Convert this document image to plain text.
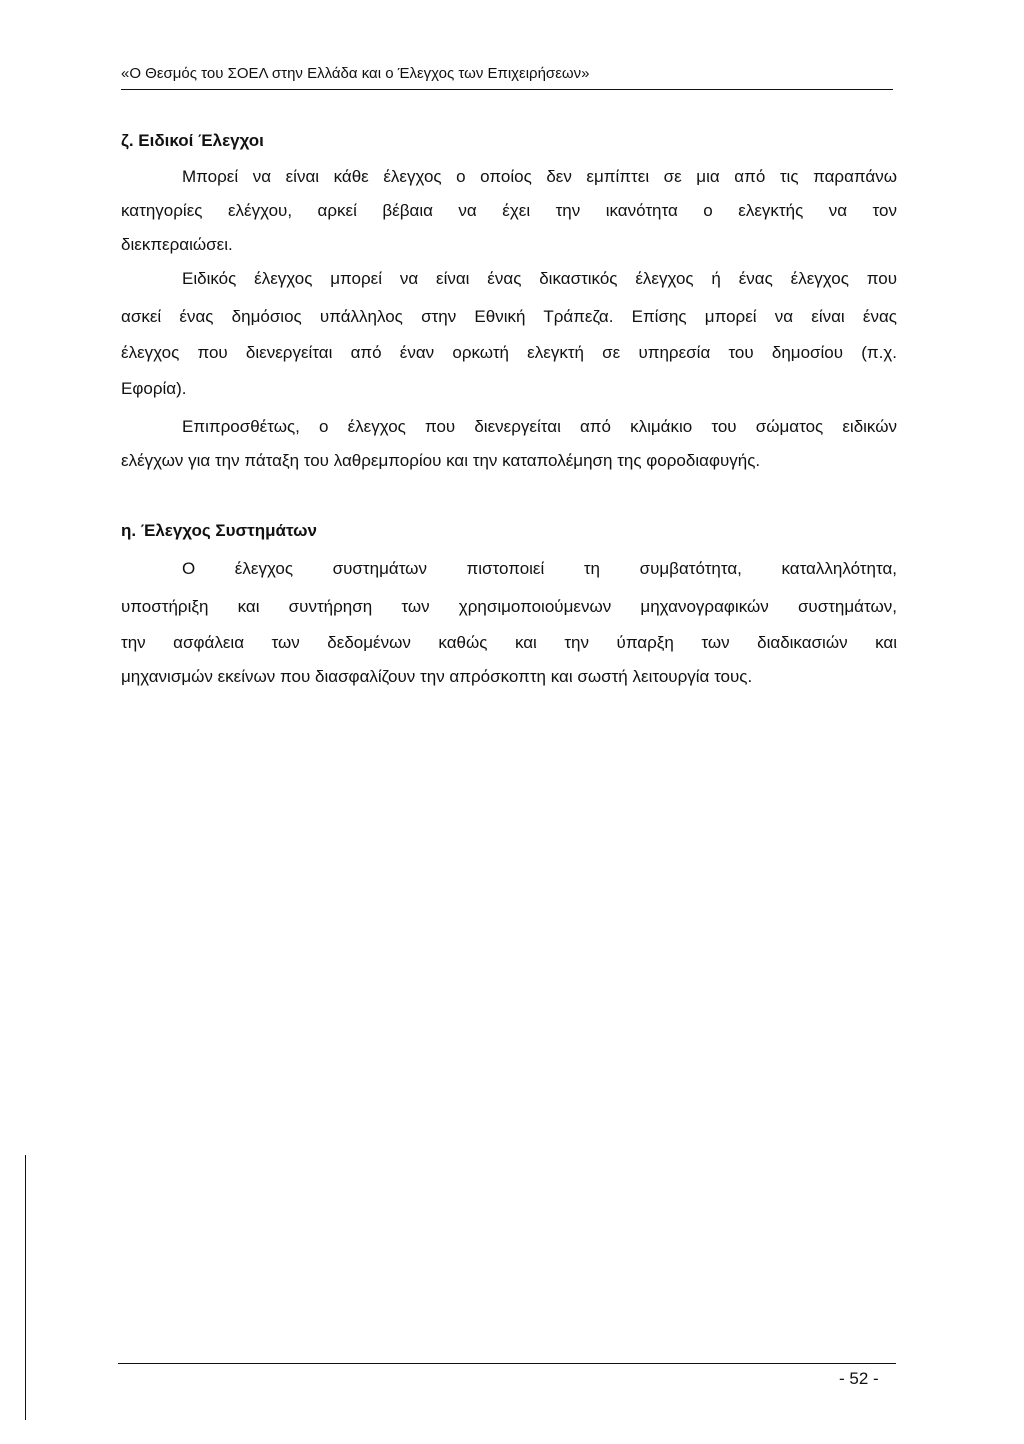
«Ο Θεσμός του ΣΟΕΛ στην Ελλάδα και ο Έλεγχος των Επιχειρήσεων»
ζ. Ειδικοί Έλεγχοι
Μπορεί να είναι κάθε έλεγχος ο οποίος δεν εμπίπτει σε μια από τις παραπάνω
κατηγορίες ελέγχου, αρκεί βέβαια να έχει την ικανότητα ο ελεγκτής να τον
διεκπεραιώσει.
Ειδικός έλεγχος μπορεί να είναι ένας δικαστικός έλεγχος ή ένας έλεγχος που
ασκεί ένας δημόσιος υπάλληλος στην Εθνική Τράπεζα. Επίσης μπορεί να είναι ένας
έλεγχος που διενεργείται από έναν ορκωτή ελεγκτή σε υπηρεσία του δημοσίου (π.χ.
Εφορία).
Επιπροσθέτως, ο έλεγχος που διενεργείται από κλιμάκιο του σώματος ειδικών
ελέγχων για την πάταξη του λαθρεμπορίου και την καταπολέμηση της φοροδιαφυγής.
η. Έλεγχος Συστημάτων
Ο έλεγχος συστημάτων πιστοποιεί τη συμβατότητα, καταλληλότητα,
υποστήριξη και συντήρηση των χρησιμοποιούμενων μηχανογραφικών συστημάτων,
την ασφάλεια των δεδομένων καθώς και την ύπαρξη των διαδικασιών και
μηχανισμών εκείνων που διασφαλίζουν την απρόσκοπτη και σωστή λειτουργία τους.
- 52 -
